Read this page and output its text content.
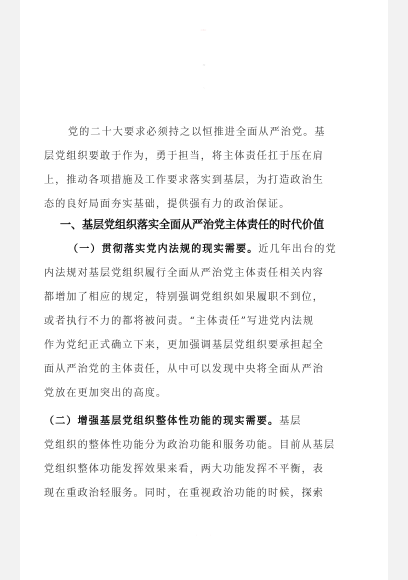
党的二十大要求必须持之以恒推进全面从严治党。基
层党组织要敢于作为，勇于担当，将主体责任扛于压在肩
上，推动各项措施及工作要求落实到基层，为打造政治生
态的良好局面夯实基础，提供强有力的政治保证。
一、基层党组织落实全面从严治党主体责任的时代价值
（一）贯彻落实党内法规的现实需要。近几年出台的党
内法规对基层党组织履行全面从严治党主体责任相关内容
都增加了相应的规定，特别强调党组织如果履职不到位，
或者执行不力的都将被问责。“主体责任”写进党内法规
作为党纪正式确立下来，更加强调基层党组织要承担起全
面从严治党的主体责任，从中可以发现中央将全面从严治
党放在更加突出的高度。
（二）增强基层党组织整体性功能的现实需要。基层
党组织的整体性功能分为政治功能和服务功能。目前从基层
党组织整体功能发挥效果来看，两大功能发挥不平衡，表
现在重政治轻服务。同时，在重视政治功能的时候，探索
